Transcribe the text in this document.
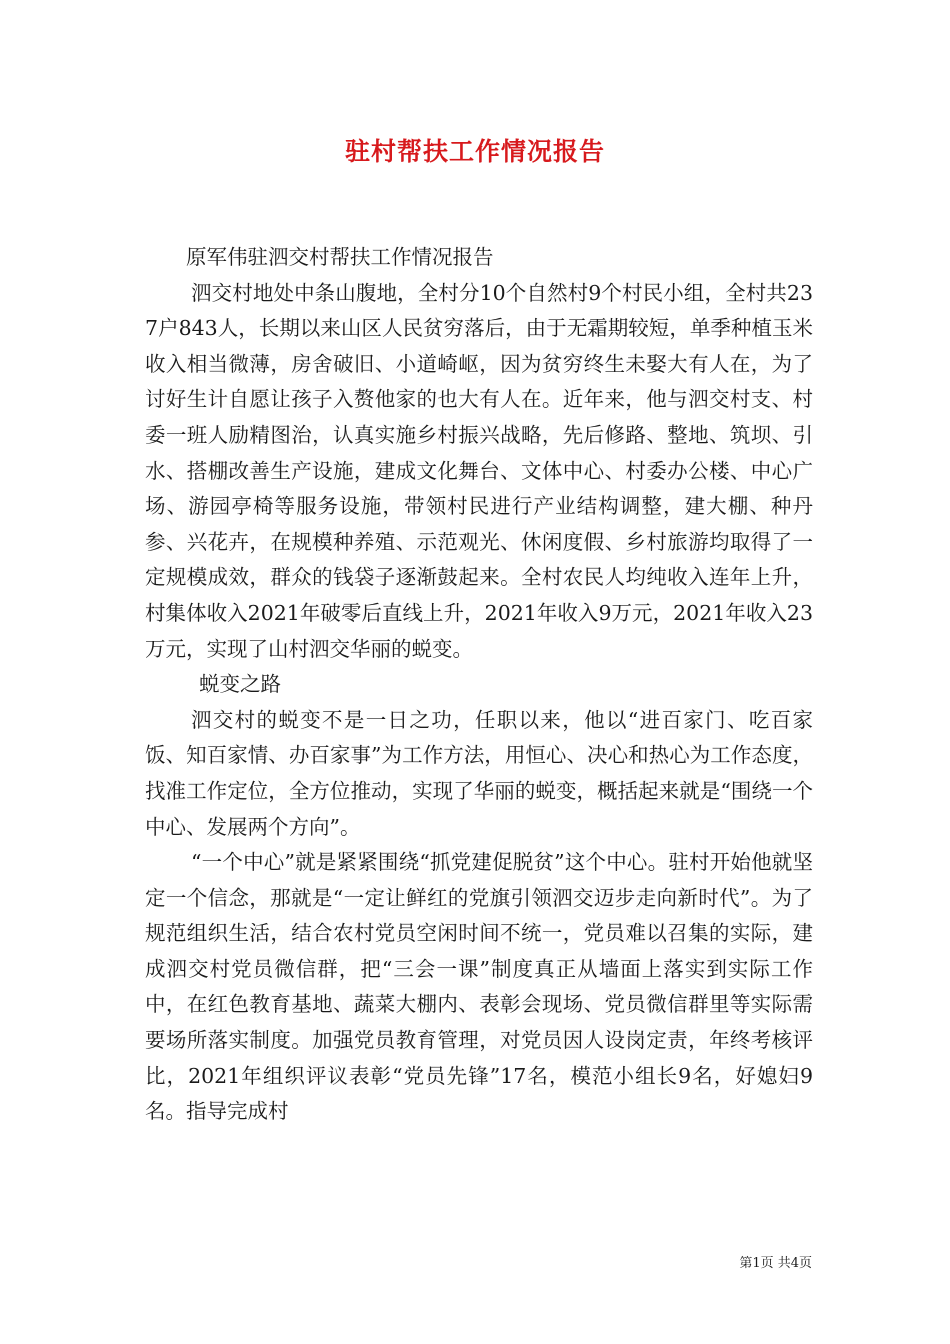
驻村帮扶工作情况报告

原军伟驻泗交村帮扶工作情况报告

泗交村地处中条山腹地，全村分10个自然村9个村民小组，全村共237户843人，长期以来山区人民贫穷落后，由于无霜期较短，单季种植玉米收入相当微薄，房舍破旧、小道崎岖，因为贫穷终生未娶大有人在，为了讨好生计自愿让孩子入赘他家的也大有人在。近年来，他与泗交村支、村委一班人励精图治，认真实施乡村振兴战略，先后修路、整地、筑坝、引水、搭棚改善生产设施，建成文化舞台、文体中心、村委办公楼、中心广场、游园亭椅等服务设施，带领村民进行产业结构调整，建大棚、种丹参、兴花卉，在规模种养殖、示范观光、休闲度假、乡村旅游均取得了一定规模成效，群众的钱袋子逐渐鼓起来。全村农民人均纯收入连年上升，村集体收入2021年破零后直线上升，2021年收入9万元，2021年收入23万元，实现了山村泗交华丽的蜕变。

蜕变之路

泗交村的蜕变不是一日之功，任职以来，他以“进百家门、吃百家饭、知百家情、办百家事”为工作方法，用恒心、决心和热心为工作态度，找准工作定位，全方位推动，实现了华丽的蜕变，概括起来就是“围绕一个中心、发展两个方向”。

“一个中心”就是紧紧围绕“抓党建促脱贫”这个中心。驻村开始他就坚定一个信念，那就是“一定让鲜红的党旗引领泗交迈步走向新时代”。为了规范组织生活，结合农村党员空闲时间不统一，党员难以召集的实际，建成泗交村党员微信群，把“三会一课”制度真正从墙面上落实到实际工作中，在红色教育基地、蔬菜大棚内、表彰会现场、党员微信群里等实际需要场所落实制度。加强党员教育管理，对党员因人设岗定责，年终考核评比，2021年组织评议表彰“党员先锋”17名，模范小组长9名，好媳妇9名。指导完成村

第1页 共4页
